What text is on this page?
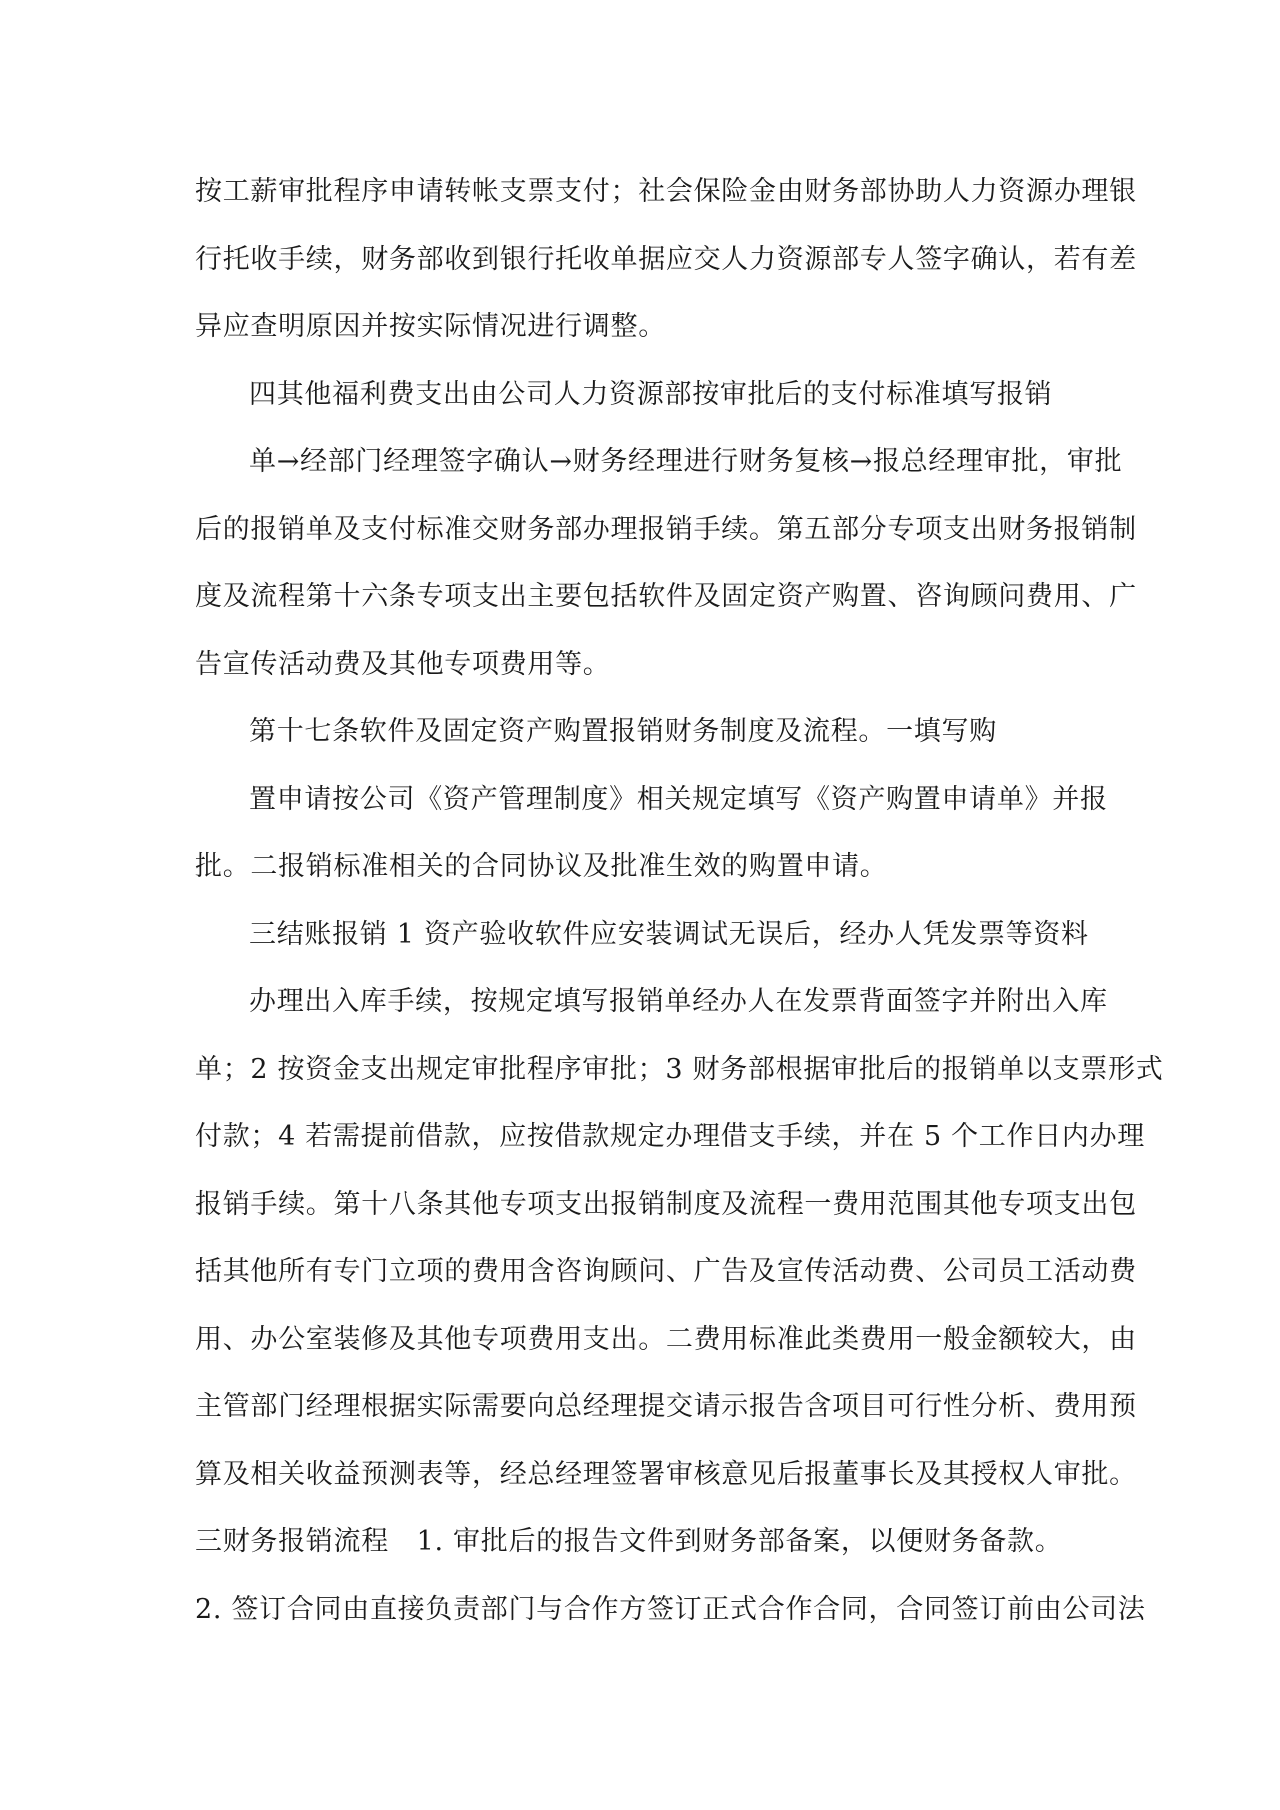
按工薪审批程序申请转帐支票支付；社会保险金由财务部协助人力资源办理银
行托收手续，财务部收到银行托收单据应交人力资源部专人签字确认，若有差
异应查明原因并按实际情况进行调整。
四其他福利费支出由公司人力资源部按审批后的支付标准填写报销
单→经部门经理签字确认→财务经理进行财务复核→报总经理审批，审批
后的报销单及支付标准交财务部办理报销手续。第五部分专项支出财务报销制
度及流程第十六条专项支出主要包括软件及固定资产购置、咨询顾问费用、广
告宣传活动费及其他专项费用等。
第十七条软件及固定资产购置报销财务制度及流程。一填写购
置申请按公司《资产管理制度》相关规定填写《资产购置申请单》并报
批。二报销标准相关的合同协议及批准生效的购置申请。
三结账报销 1 资产验收软件应安装调试无误后，经办人凭发票等资料
办理出入库手续，按规定填写报销单经办人在发票背面签字并附出入库
单；2 按资金支出规定审批程序审批；3 财务部根据审批后的报销单以支票形式
付款；4 若需提前借款，应按借款规定办理借支手续，并在 5 个工作日内办理
报销手续。第十八条其他专项支出报销制度及流程一费用范围其他专项支出包
括其他所有专门立项的费用含咨询顾问、广告及宣传活动费、公司员工活动费
用、办公室装修及其他专项费用支出。二费用标准此类费用一般金额较大，由
主管部门经理根据实际需要向总经理提交请示报告含项目可行性分析、费用预
算及相关收益预测表等，经总经理签署审核意见后报董事长及其授权人审批。
三财务报销流程　1. 审批后的报告文件到财务部备案，以便财务备款。
2. 签订合同由直接负责部门与合作方签订正式合作合同，合同签订前由公司法
